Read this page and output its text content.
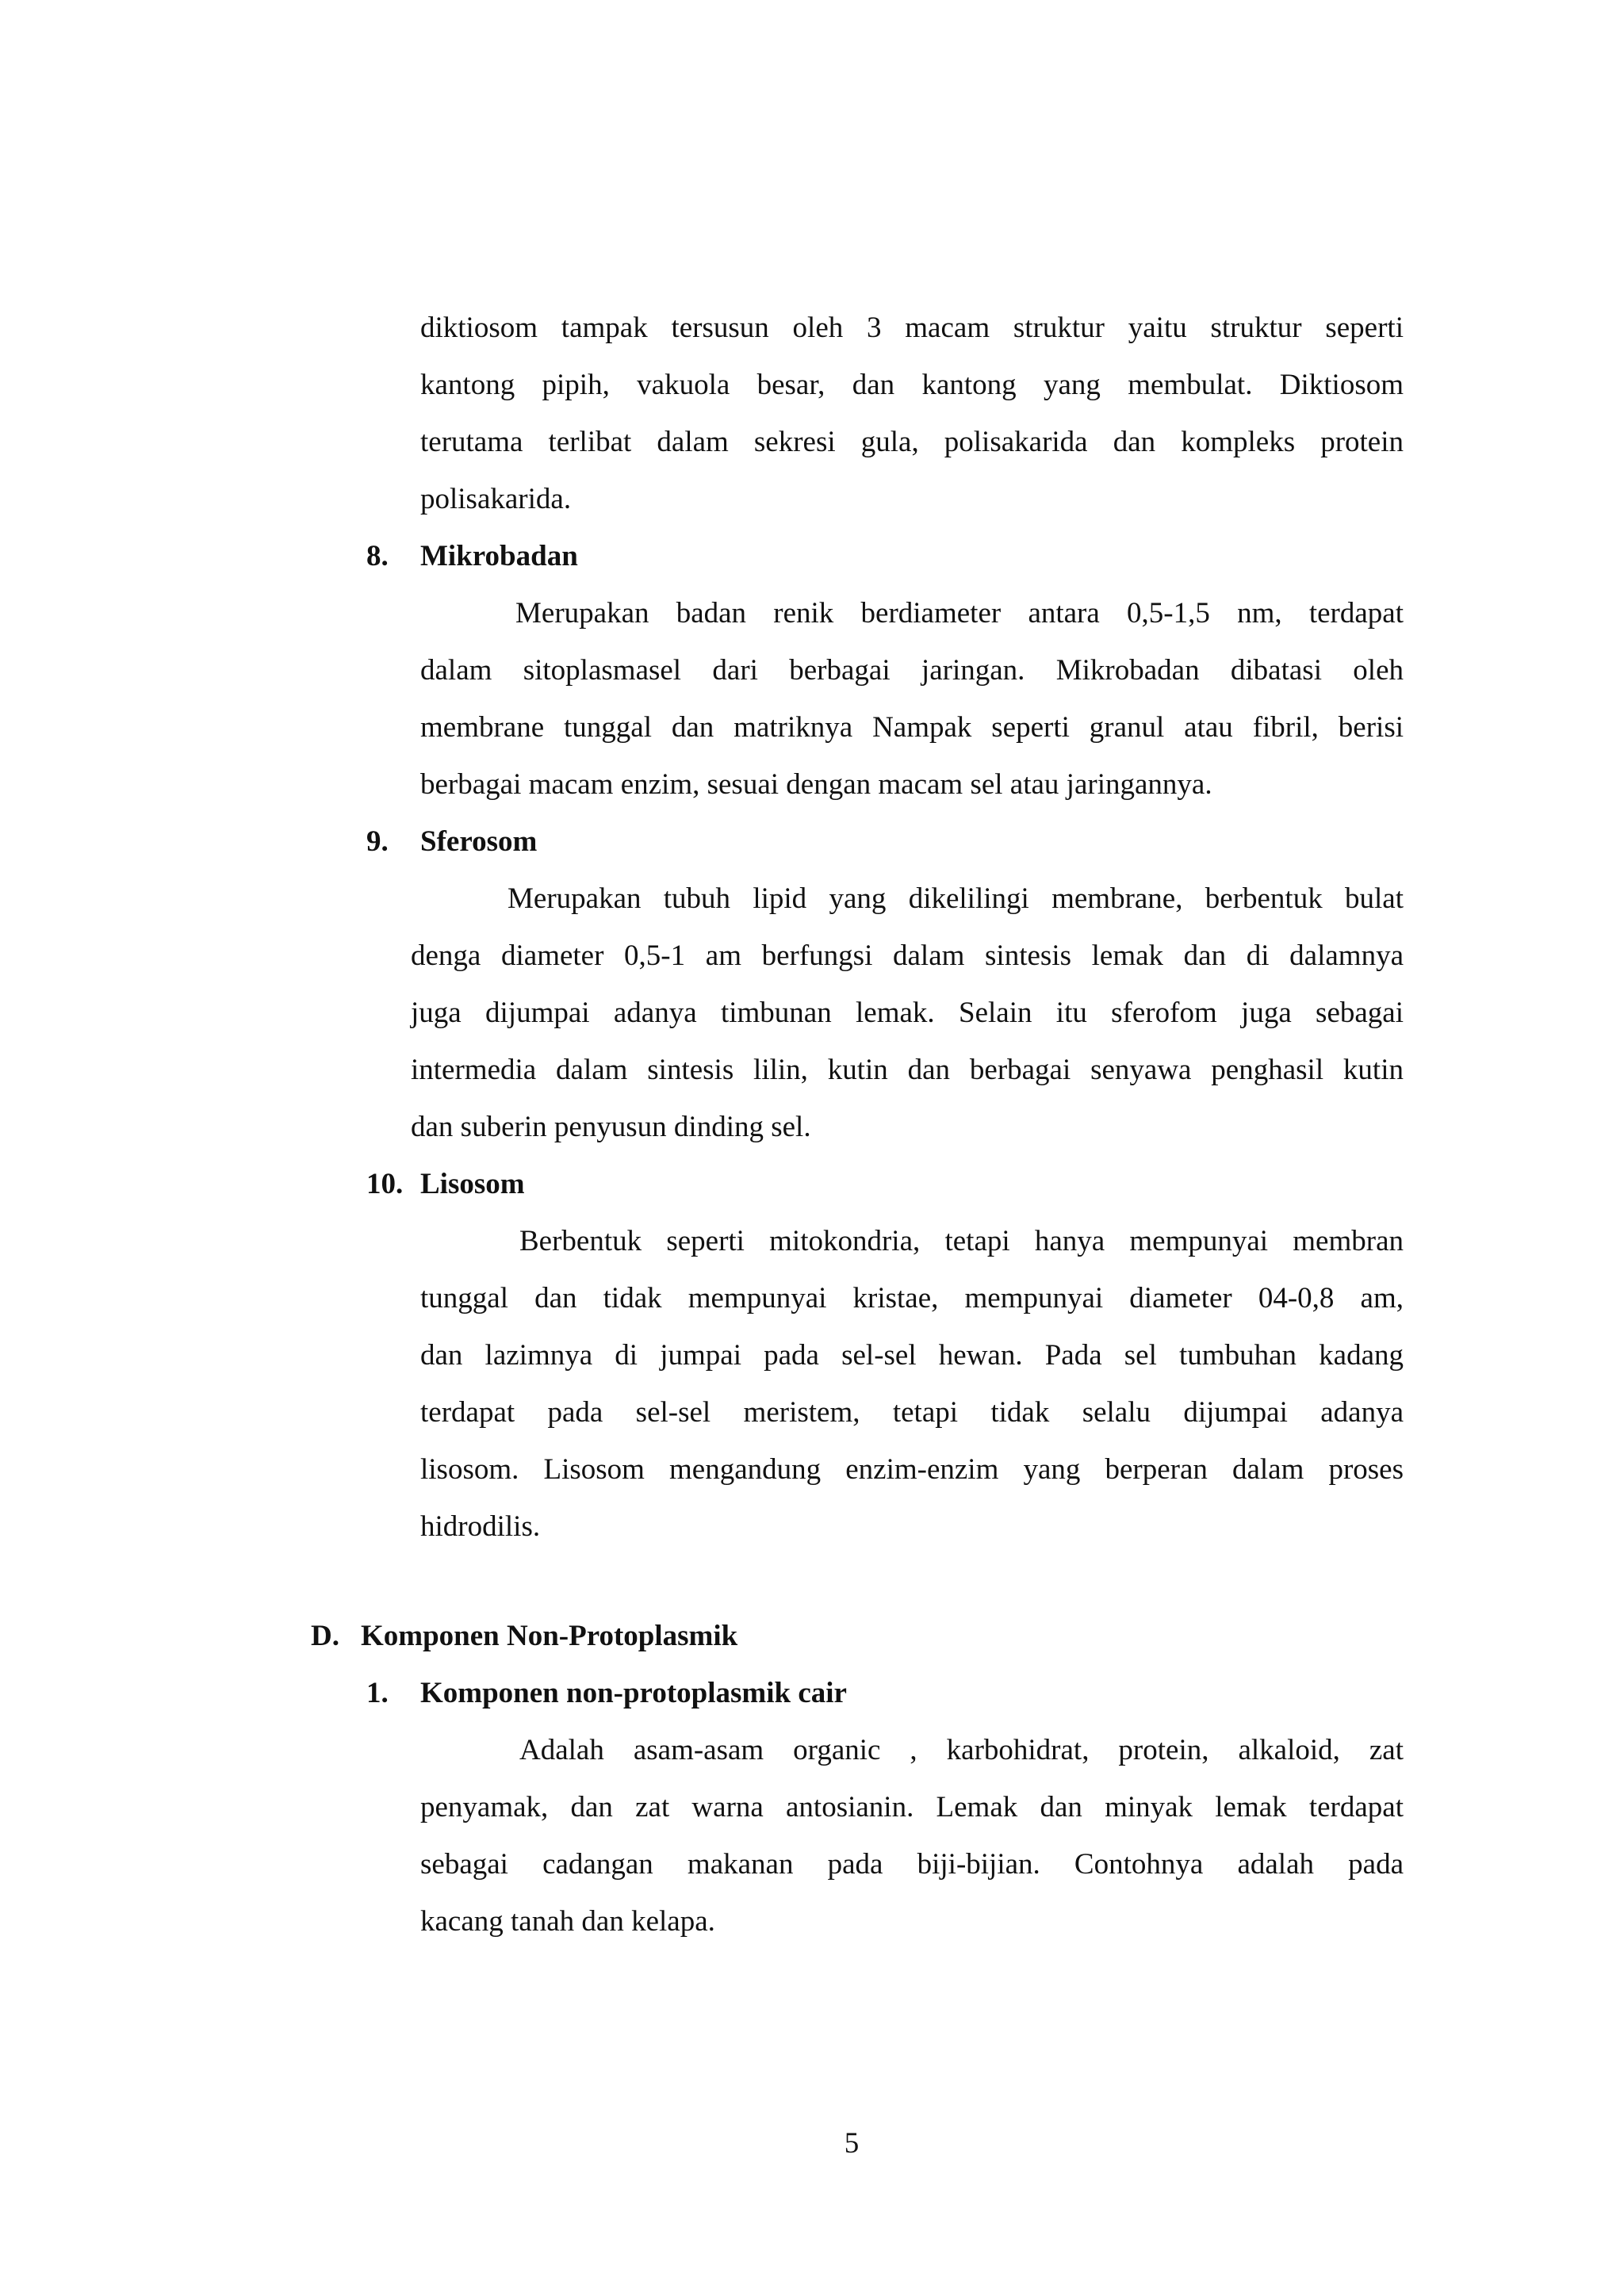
diktiosom tampak tersusun oleh 3 macam struktur yaitu struktur seperti
kantong pipih, vakuola besar, dan kantong yang membulat. Diktiosom
terutama terlibat dalam sekresi gula, polisakarida dan kompleks protein
polisakarida.
8. Mikrobadan
Merupakan badan renik berdiameter antara 0,5-1,5 nm, terdapat
dalam sitoplasmasel dari berbagai jaringan. Mikrobadan dibatasi oleh
membrane tunggal dan matriknya Nampak seperti granul atau fibril, berisi
berbagai macam enzim, sesuai dengan macam sel atau jaringannya.
9. Sferosom
Merupakan tubuh lipid yang dikelilingi membrane, berbentuk bulat
denga diameter 0,5-1 am berfungsi dalam sintesis lemak dan di dalamnya
juga dijumpai adanya timbunan lemak. Selain itu sferofom juga sebagai
intermedia dalam sintesis lilin, kutin dan berbagai senyawa penghasil kutin
dan suberin penyusun dinding sel.
10. Lisosom
Berbentuk seperti mitokondria, tetapi hanya mempunyai membran
tunggal dan tidak mempunyai kristae, mempunyai diameter 04-0,8 am,
dan lazimnya di jumpai pada sel-sel hewan. Pada sel tumbuhan kadang
terdapat pada sel-sel meristem, tetapi tidak selalu dijumpai adanya
lisosom. Lisosom mengandung enzim-enzim yang berperan dalam proses
hidrodilis.
D. Komponen Non-Protoplasmik
1. Komponen non-protoplasmik cair
Adalah asam-asam organic , karbohidrat, protein, alkaloid, zat
penyamak, dan zat warna antosianin. Lemak dan minyak lemak terdapat
sebagai cadangan makanan pada biji-bijian. Contohnya adalah pada
kacang tanah dan kelapa.
5
